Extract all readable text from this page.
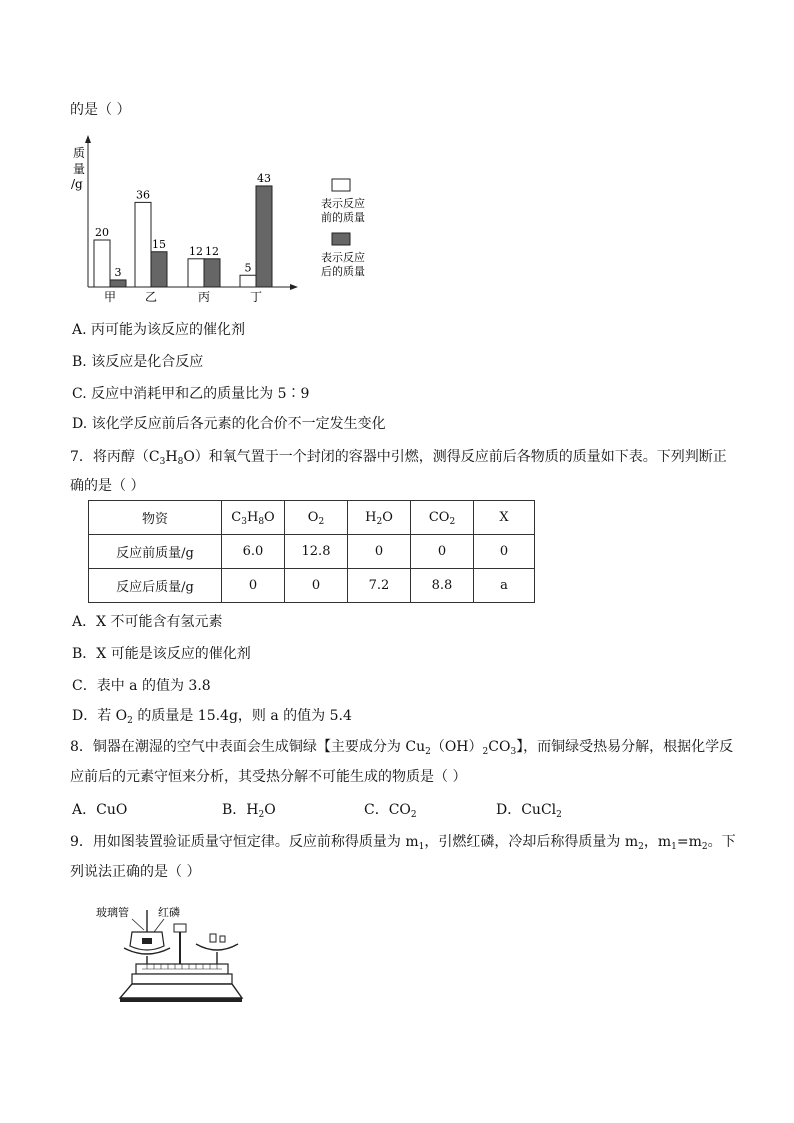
的是（ ）
质
量
/g
20
3
甲
36
15
乙
12 12
丙
5
43
丁
表示反应
前的质量
表示反应
后的质量
A. 丙可能为该反应的催化剂
B. 该反应是化合反应
C. 反应中消耗甲和乙的质量比为 5∶9
D. 该化学反应前后各元素的化合价不一定发生变化
7．将丙醇$(C_3H_8O)$和氧气置于一个封闭的容器中引燃，测得反应前后各物质的质量如下表。下列判断正
确的是（ ）
物资	$C_3H_8O$	$O_2$	$H_2O$	$CO_2$	X
反应前质量/g	6.0	12.8	0	0	0
反应后质量/g	0	0	7.2	8.8	a
A．X 不可能含有氢元素
B．X 可能是该反应的催化剂
C．表中 a 的值为 3.8
D．若 $O_2$ 的质量是 15.4g，则 a 的值为 5.4
8．铜器在潮湿的空气中表面会生成铜绿【主要成分为 $Cu_2(OH)_2CO_3$】，而铜绿受热易分解，根据化学反
应前后的元素守恒来分析，其受热分解不可能生成的物质是（ ）
A．CuO	B．$H_2O$	C．$CO_2$	D．CuCl$_2$
9．用如图装置验证质量守恒定律。反应前称得质量为 $m_1$，引燃红磷，冷却后称得质量为 $m_2$，$m_1=m_2$。下
列说法正确的是（ ）
玻璃管	红磷
